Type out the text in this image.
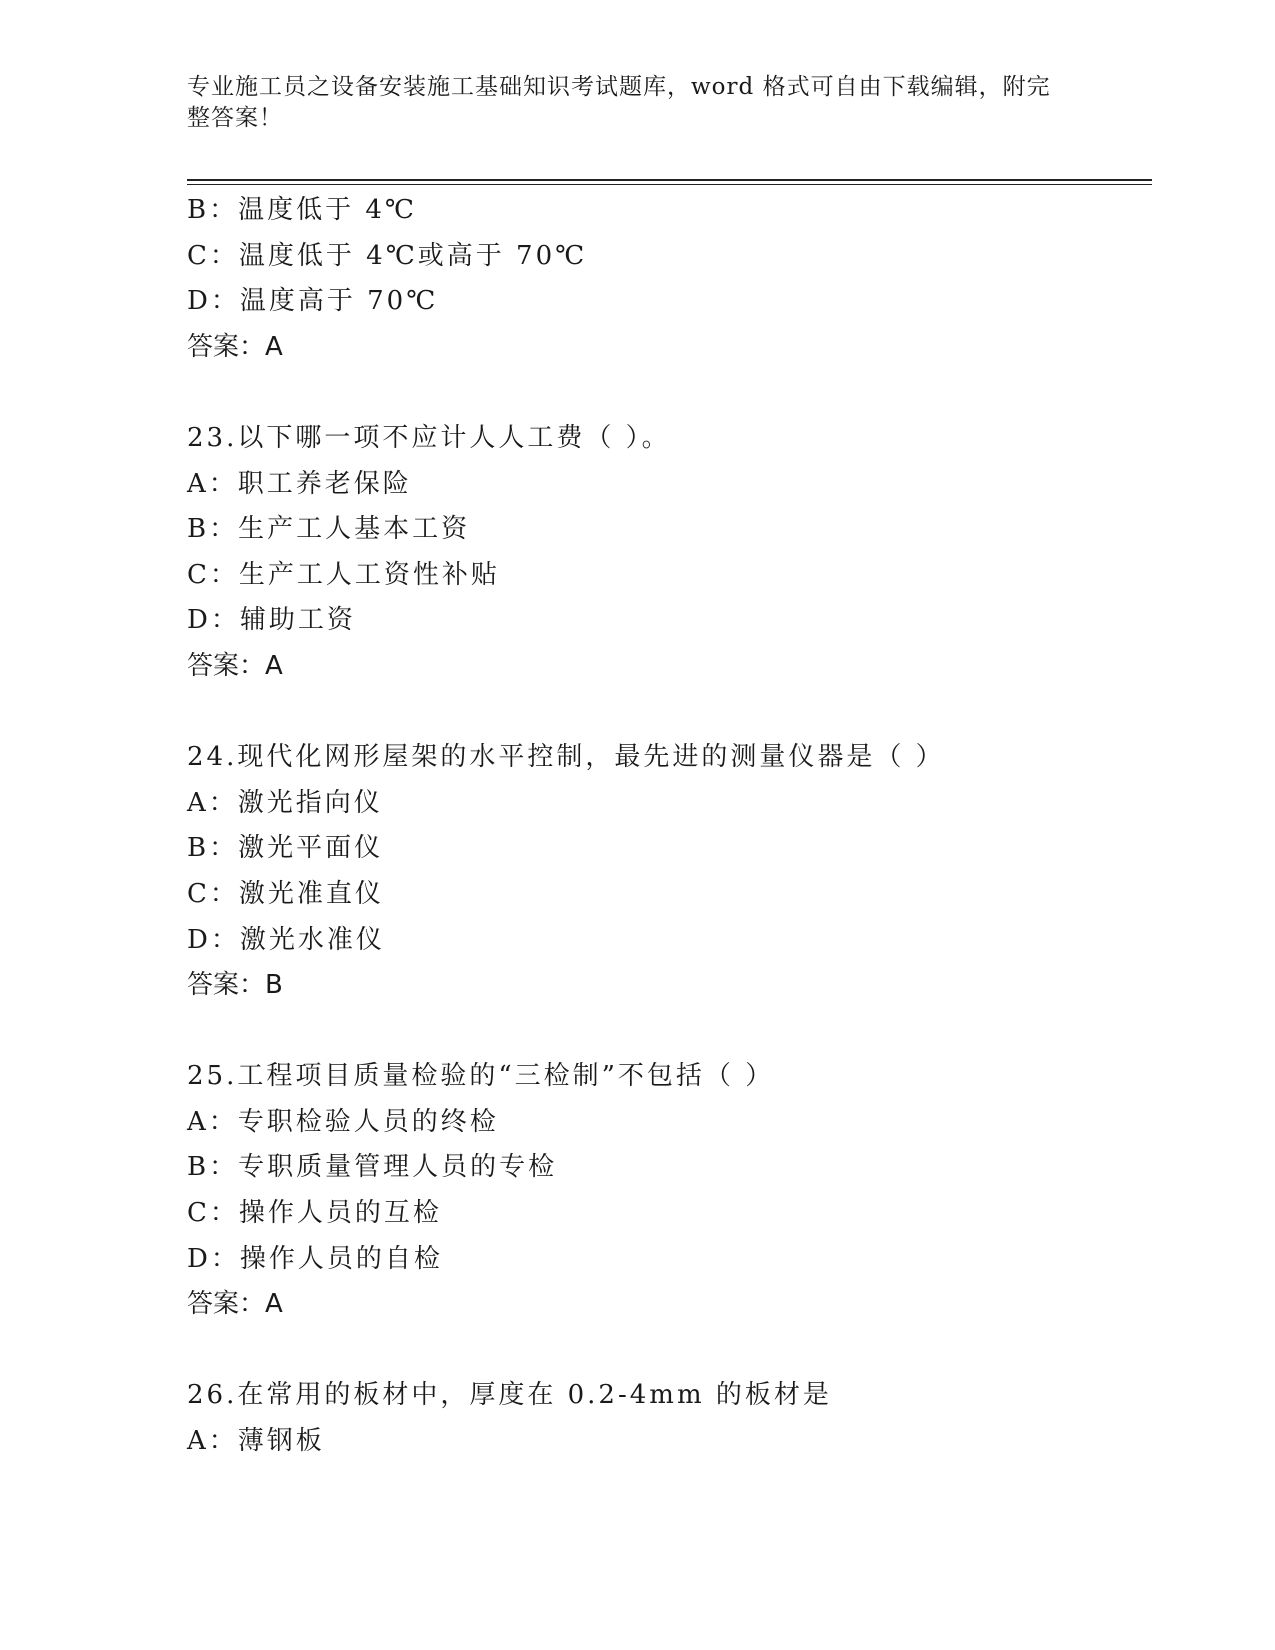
专业施工员之设备安装施工基础知识考试题库，word 格式可自由下载编辑，附完
整答案！
B：温度低于 4℃
C：温度低于 4℃或高于 70℃
D：温度高于 70℃
答案：A
23.以下哪一项不应计人人工费（ ）。
A：职工养老保险
B：生产工人基本工资
C：生产工人工资性补贴
D：辅助工资
答案：A
24.现代化网形屋架的水平控制，最先进的测量仪器是（ ）
A：激光指向仪
B：激光平面仪
C：激光准直仪
D：激光水准仪
答案：B
25.工程项目质量检验的“三检制”不包括（ ）
A：专职检验人员的终检
B：专职质量管理人员的专检
C：操作人员的互检
D：操作人员的自检
答案：A
26.在常用的板材中，厚度在 0.2-4mm 的板材是
A：薄钢板
